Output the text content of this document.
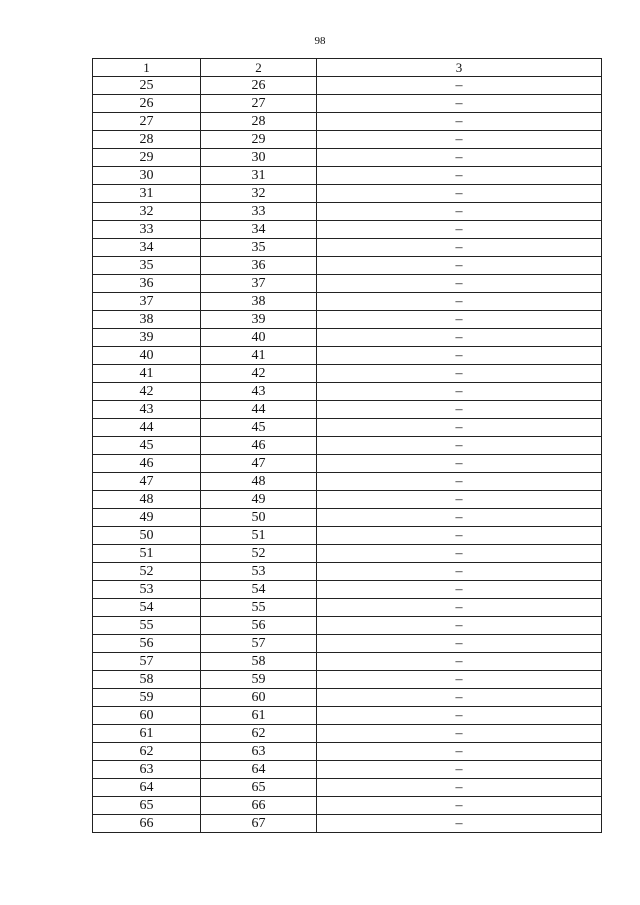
98
1	2	3
25	26	–
26	27	–
27	28	–
28	29	–
29	30	–
30	31	–
31	32	–
32	33	–
33	34	–
34	35	–
35	36	–
36	37	–
37	38	–
38	39	–
39	40	–
40	41	–
41	42	–
42	43	–
43	44	–
44	45	–
45	46	–
46	47	–
47	48	–
48	49	–
49	50	–
50	51	–
51	52	–
52	53	–
53	54	–
54	55	–
55	56	–
56	57	–
57	58	–
58	59	–
59	60	–
60	61	–
61	62	–
62	63	–
63	64	–
64	65	–
65	66	–
66	67	–
